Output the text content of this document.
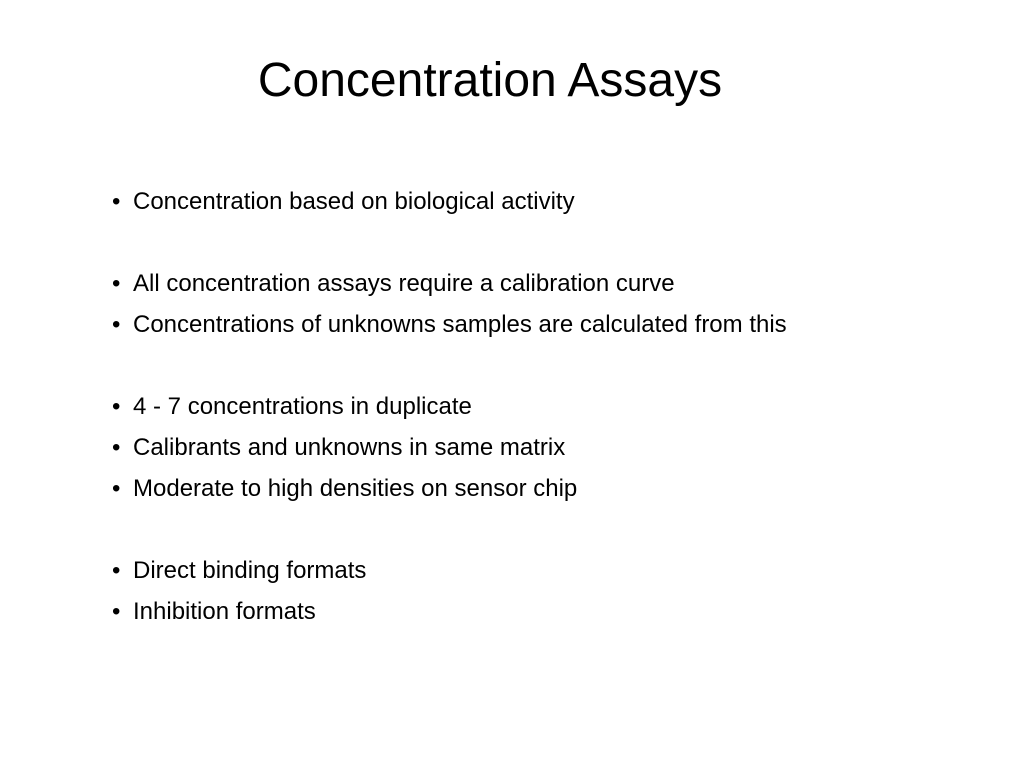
Concentration Assays
• Concentration based on biological activity
• All concentration assays require a calibration curve
• Concentrations of unknowns samples are calculated from this
• 4 - 7 concentrations in duplicate
• Calibrants and unknowns in same matrix
• Moderate to high densities on sensor chip
• Direct binding formats
• Inhibition formats
